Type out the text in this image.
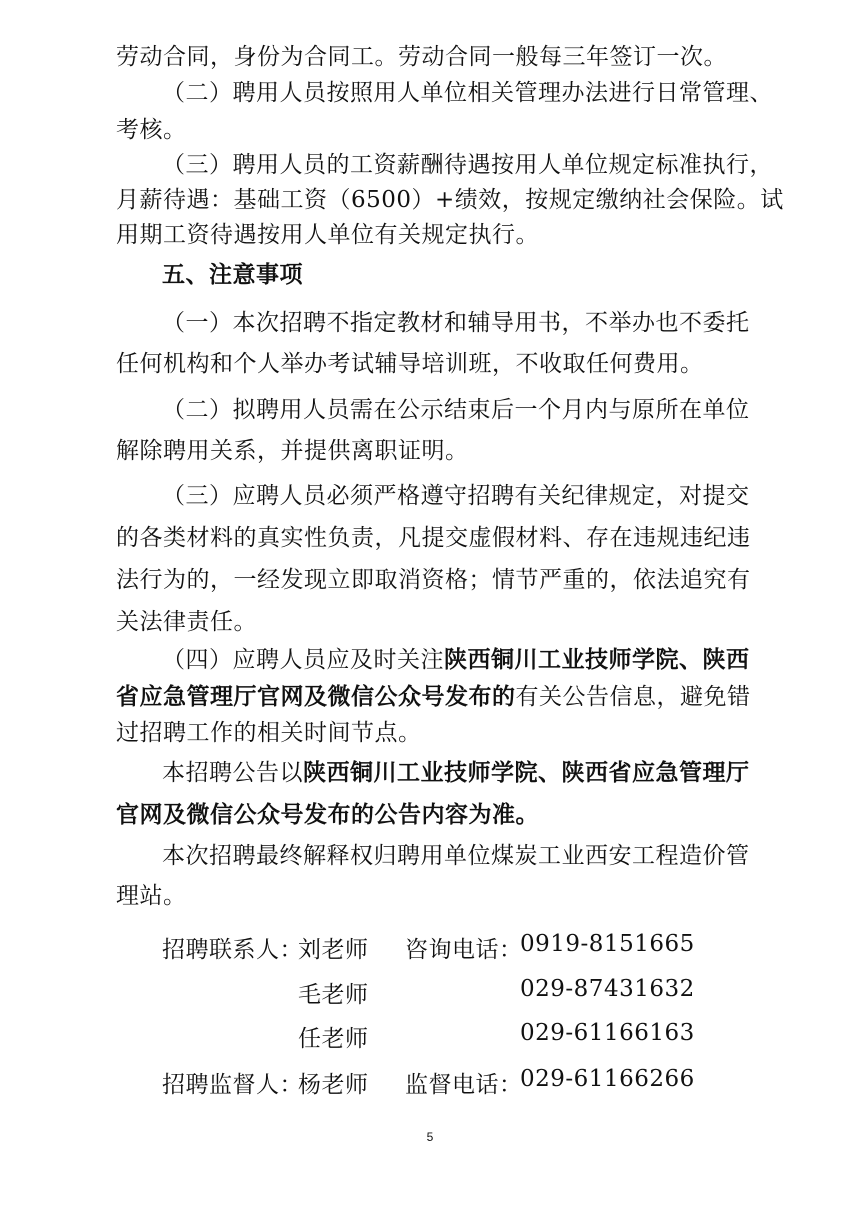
劳动合同，身份为合同工。劳动合同一般每三年签订一次。
（二）聘用人员按照用人单位相关管理办法进行日常管理、
考核。
（三）聘用人员的工资薪酬待遇按用人单位规定标准执行，
月薪待遇：基础工资（6500）+绩效，按规定缴纳社会保险。试
用期工资待遇按用人单位有关规定执行。
五、注意事项
（一）本次招聘不指定教材和辅导用书，不举办也不委托
任何机构和个人举办考试辅导培训班，不收取任何费用。
（二）拟聘用人员需在公示结束后一个月内与原所在单位
解除聘用关系，并提供离职证明。
（三）应聘人员必须严格遵守招聘有关纪律规定，对提交
的各类材料的真实性负责，凡提交虚假材料、存在违规违纪违
法行为的，一经发现立即取消资格；情节严重的，依法追究有
关法律责任。
（四）应聘人员应及时关注陕西铜川工业技师学院、陕西
省应急管理厅官网及微信公众号发布的有关公告信息，避免错
过招聘工作的相关时间节点。
本招聘公告以陕西铜川工业技师学院、陕西省应急管理厅
官网及微信公众号发布的公告内容为准。
本次招聘最终解释权归聘用单位煤炭工业西安工程造价管
理站。
招聘联系人：
刘老师 咨询电话：
0919-8151665
毛老师	029-87431632
任老师	029-61166163
招聘监督人：
杨老师 监督电话：
029-61166266
5
